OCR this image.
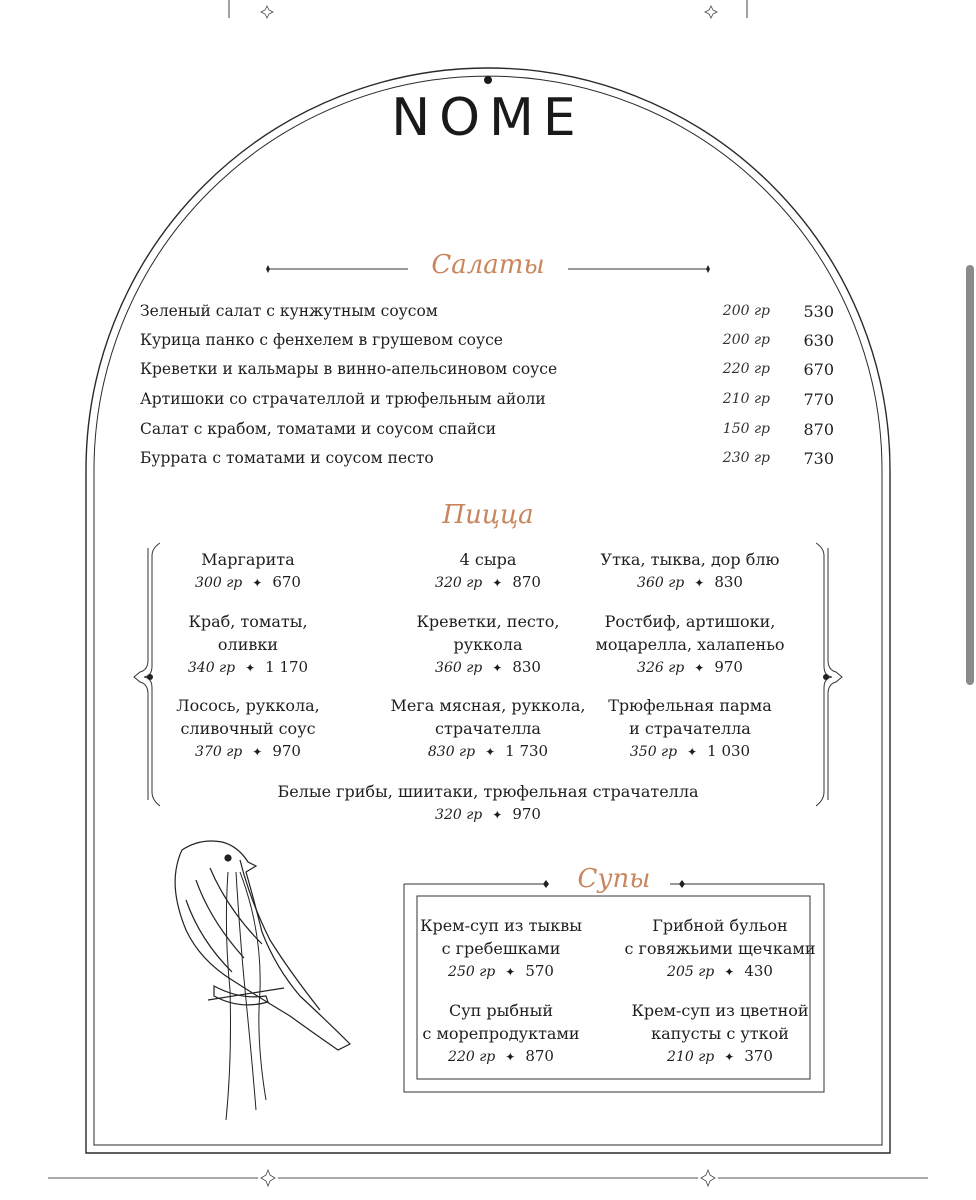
NOME
Салаты
Зеленый салат с кунжутным соусом	200 гр 530
Курица панко с фенхелем в грушевом соусе	200 гр 630
Креветки и кальмары в винно-апельсиновом соусе	220 гр 670
Артишоки со страчателлой и трюфельным айоли	210 гр 770
Салат с крабом, томатами и соусом спайси	150 гр 870
Буррата с томатами и соусом песто	230 гр 730
Пицца
Маргарита
300 гр ✦ 670
4 сыра
320 гр ✦ 870
Утка, тыква, дор блю
360 гр ✦ 830
Краб, томаты,
оливки
340 гр ✦ 1 170
Креветки, песто,
руккола
360 гр ✦ 830
Ростбиф, артишоки,
моцарелла, халапеньо
326 гр ✦ 970
Лосось, руккола,
сливочный соус
370 гр ✦ 970
Мега мясная, руккола,
страчателла
830 гр ✦ 1 730
Трюфельная парма
и страчателла
350 гр ✦ 1 030
Белые грибы, шиитаки, трюфельная страчателла
320 гр ✦ 970
Супы
Крем-суп из тыквы
с гребешками
250 гр ✦ 570
Грибной бульон
с говяжьими щечками
205 гр ✦ 430
Суп рыбный
с морепродуктами
220 гр ✦ 870
Крем-суп из цветной
капусты с уткой
210 гр ✦ 370
